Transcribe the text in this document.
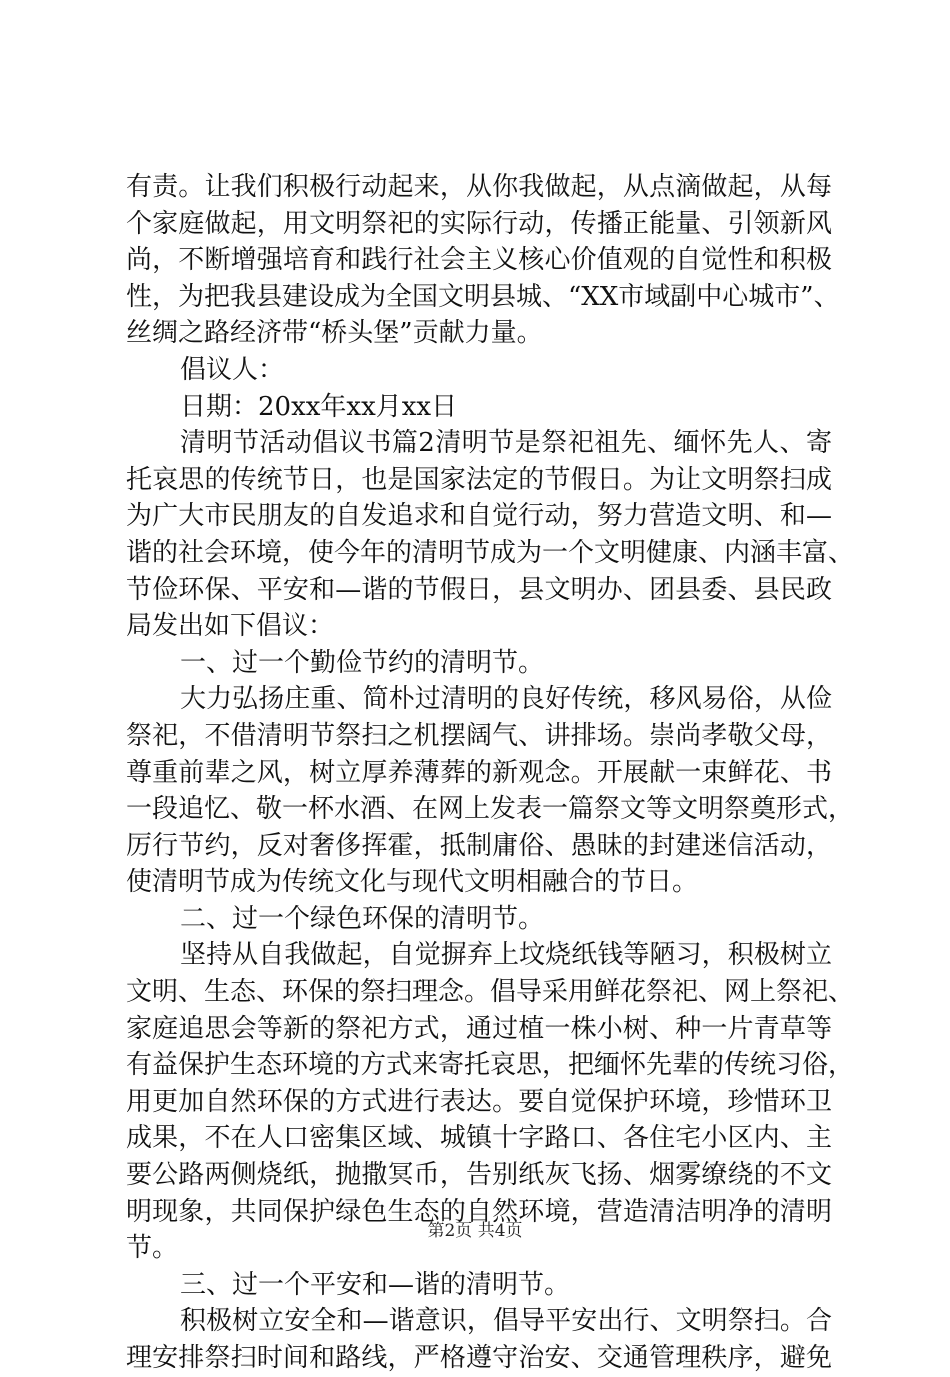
有责。让我们积极行动起来，从你我做起，从点滴做起，从每
个家庭做起，用文明祭祀的实际行动，传播正能量、引领新风
尚，不断增强培育和践行社会主义核心价值观的自觉性和积极
性，为把我县建设成为全国文明县城、“XX市域副中心城市”、
丝绸之路经济带“桥头堡”贡献力量。
倡议人：
日期：20xx年xx月xx日
清明节活动倡议书篇2清明节是祭祀祖先、缅怀先人、寄
托哀思的传统节日，也是国家法定的节假日。为让文明祭扫成
为广大市民朋友的自发追求和自觉行动，努力营造文明、和—
谐的社会环境，使今年的清明节成为一个文明健康、内涵丰富、
节俭环保、平安和—谐的节假日，县文明办、团县委、县民政
局发出如下倡议：
一、过一个勤俭节约的清明节。
大力弘扬庄重、简朴过清明的良好传统，移风易俗，从俭
祭祀，不借清明节祭扫之机摆阔气、讲排场。崇尚孝敬父母，
尊重前辈之风，树立厚养薄葬的新观念。开展献一束鲜花、书
一段追忆、敬一杯水酒、在网上发表一篇祭文等文明祭奠形式，
厉行节约，反对奢侈挥霍，抵制庸俗、愚昧的封建迷信活动，
使清明节成为传统文化与现代文明相融合的节日。
二、过一个绿色环保的清明节。
坚持从自我做起，自觉摒弃上坟烧纸钱等陋习，积极树立
文明、生态、环保的祭扫理念。倡导采用鲜花祭祀、网上祭祀、
家庭追思会等新的祭祀方式，通过植一株小树、种一片青草等
有益保护生态环境的方式来寄托哀思，把缅怀先辈的传统习俗，
用更加自然环保的方式进行表达。要自觉保护环境，珍惜环卫
成果，不在人口密集区域、城镇十字路口、各住宅小区内、主
要公路两侧烧纸，抛撒冥币，告别纸灰飞扬、烟雾缭绕的不文
明现象，共同保护绿色生态的自然环境，营造清洁明净的清明
节。
三、过一个平安和—谐的清明节。
积极树立安全和—谐意识，倡导平安出行、文明祭扫。合
理安排祭扫时间和路线，严格遵守治安、交通管理秩序，避免
第2页 共4页
